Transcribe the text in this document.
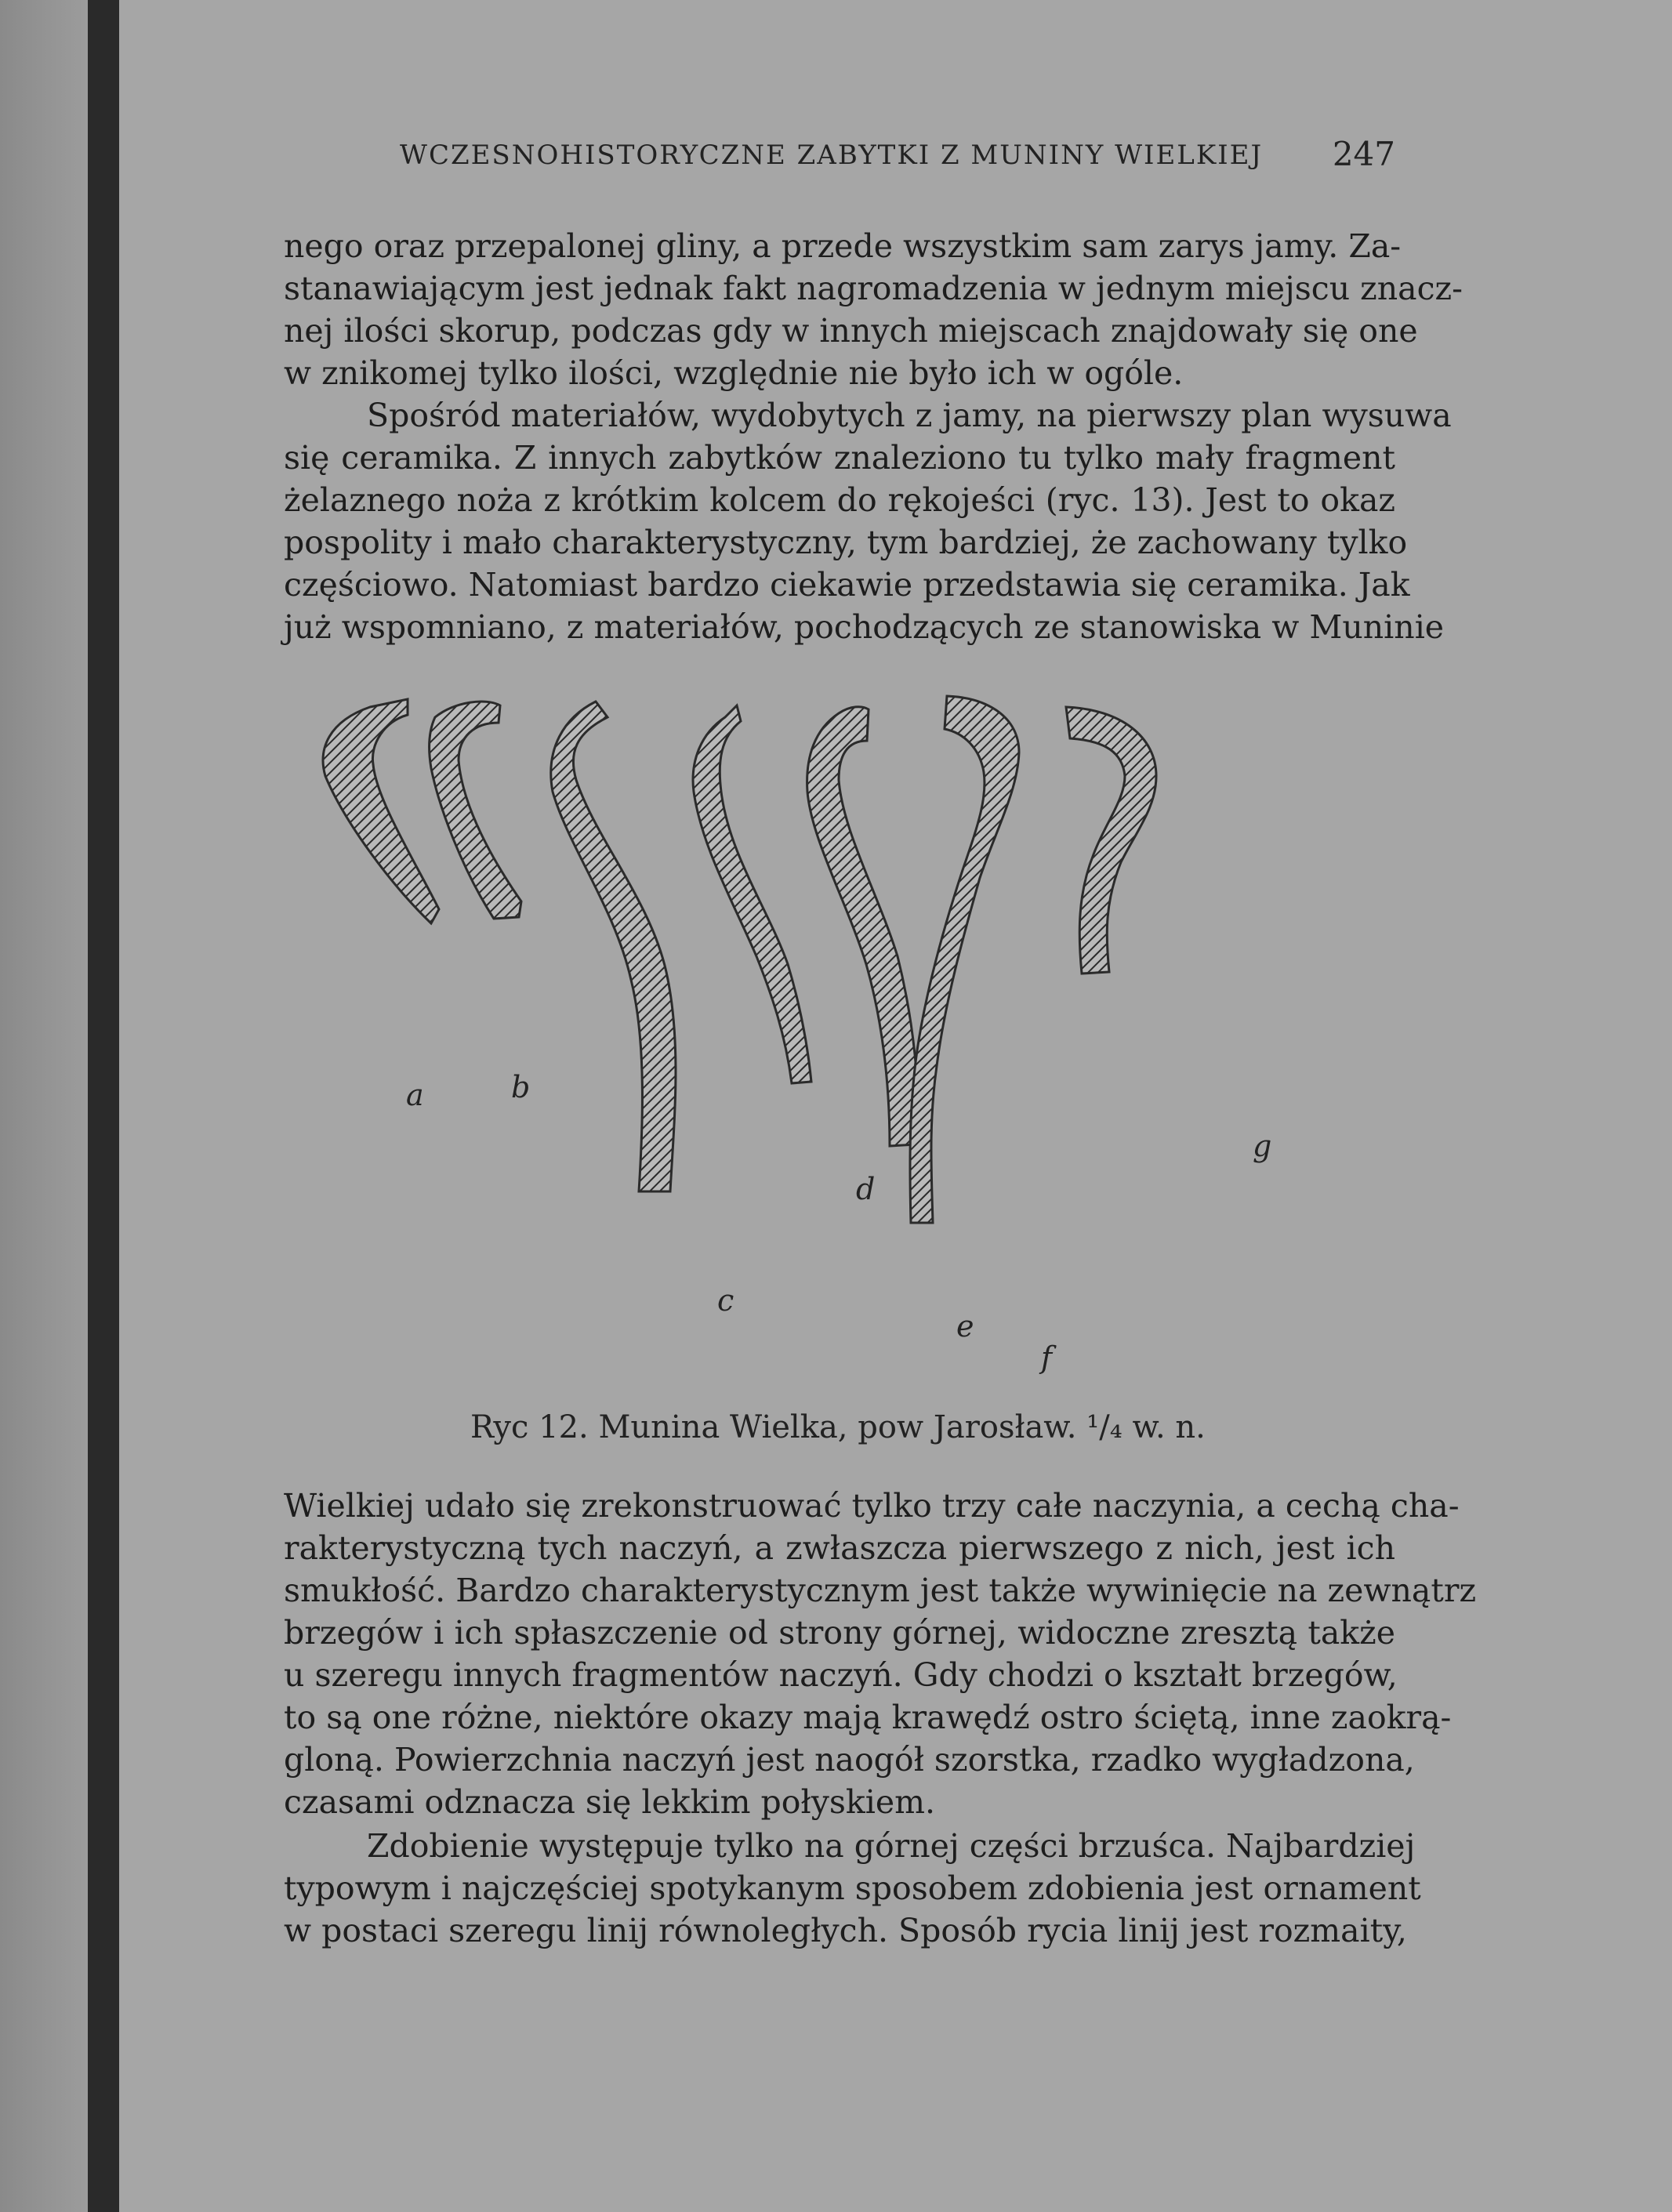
WCZESNOHISTORYCZNE ZABYTKI Z MUNINY WIELKIEJ 247
nego oraz przepalonej gliny, a przede wszystkim sam zarys jamy. Za-
stanawiającym jest jednak fakt nagromadzenia w jednym miejscu znacz-
nej ilości skorup, podczas gdy w innych miejscach znajdowały się one
w znikomej tylko ilości, względnie nie było ich w ogóle.
Spośród materiałów, wydobytych z jamy, na pierwszy plan wysuwa
się ceramika. Z innych zabytków znaleziono tu tylko mały fragment
żelaznego noża z krótkim kolcem do rękojeści (ryc. 13). Jest to okaz
pospolity i mało charakterystyczny, tym bardziej, że zachowany tylko
częściowo. Natomiast bardzo ciekawie przedstawia się ceramika. Jak
już wspomniano, z materiałów, pochodzących ze stanowiska w Muninie
a	b
c
d
e
f
g
Ryc 12. Munina Wielka, pow Jarosław. ¹/₄ w. n.
Wielkiej udało się zrekonstruować tylko trzy całe naczynia, a cechą cha-
rakterystyczną tych naczyń, a zwłaszcza pierwszego z nich, jest ich
smukłość. Bardzo charakterystycznym jest także wywinięcie na zewnątrz
brzegów i ich spłaszczenie od strony górnej, widoczne zresztą także
u szeregu innych fragmentów naczyń. Gdy chodzi o kształt brzegów,
to są one różne, niektóre okazy mają krawędź ostro ściętą, inne zaokrą-
gloną. Powierzchnia naczyń jest naogół szorstka, rzadko wygładzona,
czasami odznacza się lekkim połyskiem.
Zdobienie występuje tylko na górnej części brzuśca. Najbardziej
typowym i najczęściej spotykanym sposobem zdobienia jest ornament
w postaci szeregu linij równoległych. Sposób rycia linij jest rozmaity,
